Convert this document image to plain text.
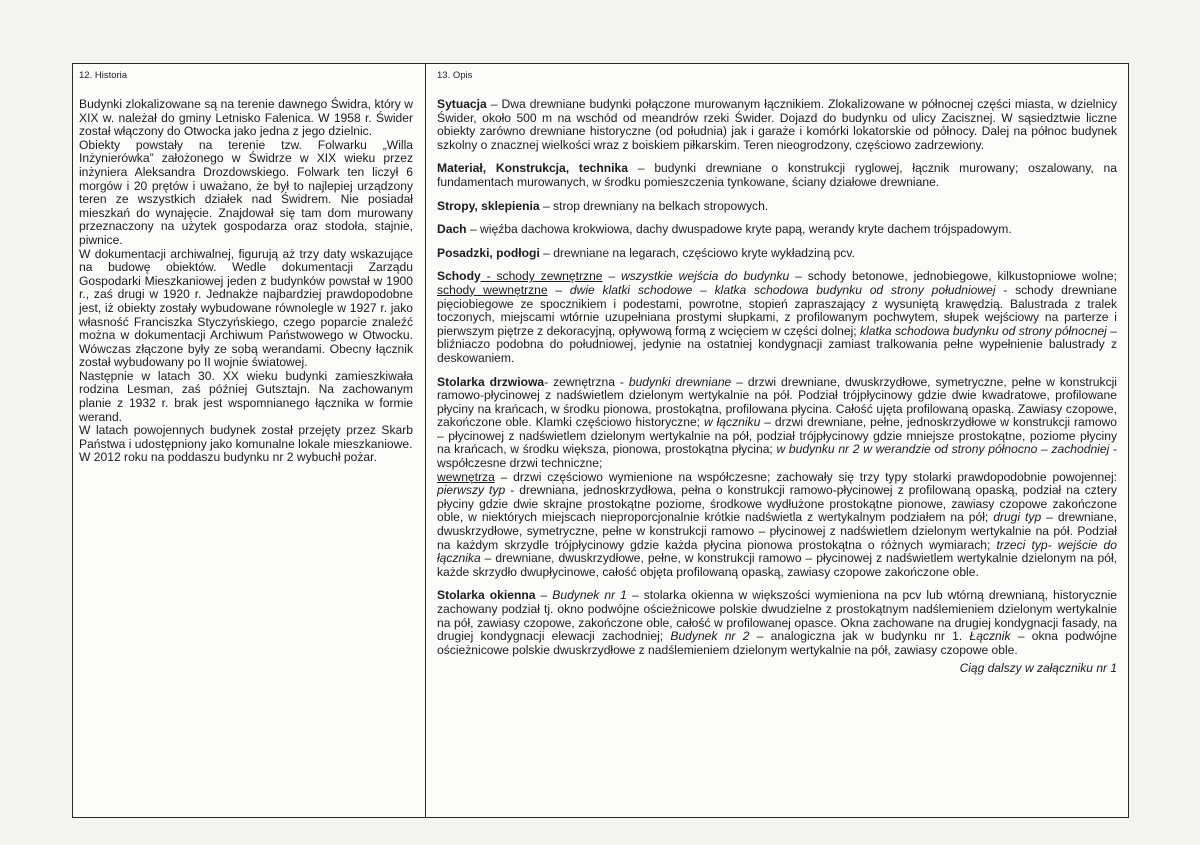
12. Historia

Budynki zlokalizowane są na terenie dawnego Świdra, który w XIX w. należał do gminy Letnisko Falenica. W 1958 r. Świder został włączony do Otwocka jako jedna z jego dzielnic.

Obiekty powstały na terenie tzw. Folwarku „Willa Inżynierówka” założonego w Świdrze w XIX wieku przez inżyniera Aleksandra Drozdowskiego. Folwark ten liczył 6 morgów i 20 prętów i uważano, że był to najlepiej urządzony teren ze wszystkich działek nad Świdrem. Nie posiadał mieszkań do wynajęcie. Znajdował się tam dom murowany przeznaczony na użytek gospodarza oraz stodoła, stajnie, piwnice.

W dokumentacji archiwalnej, figurują aż trzy daty wskazujące na budowę obiektów. Wedle dokumentacji Zarządu Gospodarki Mieszkaniowej jeden z budynków powstał w 1900 r., zaś drugi w 1920 r. Jednakże najbardziej prawdopodobne jest, iż obiekty zostały wybudowane równolegle w 1927 r. jako własność Franciszka Styczyńskiego, czego poparcie znaleźć można w dokumentacji Archiwum Państwowego w Otwocku. Wówczas złączone były ze sobą werandami. Obecny łącznik został wybudowany po II wojnie światowej.

Następnie w latach 30. XX wieku budynki zamieszkiwała rodzina Lesman, zaś później Gutsztajn. Na zachowanym planie z 1932 r. brak jest wspomnianego łącznika w formie werand.

W latach powojennych budynek został przejęty przez Skarb Państwa i udostępniony jako komunalne lokale mieszkaniowe.

W 2012 roku na poddaszu budynku nr 2 wybuchł pożar.

13. Opis

Sytuacja – Dwa drewniane budynki połączone murowanym łącznikiem. Zlokalizowane w północnej części miasta, w dzielnicy Świder, około 500 m na wschód od meandrów rzeki Świder. Dojazd do budynku od ulicy Zacisznej. W sąsiedztwie liczne obiekty zarówno drewniane historyczne (od południa) jak i garaże i komórki lokatorskie od północy. Dalej na północ budynek szkolny o znacznej wielkości wraz z boiskiem piłkarskim. Teren nieogrodzony, częściowo zadrzewiony.

Materiał, Konstrukcja, technika – budynki drewniane o konstrukcji ryglowej, łącznik murowany; oszalowany, na fundamentach murowanych, w środku pomieszczenia tynkowane, ściany działowe drewniane.

Stropy, sklepienia – strop drewniany na belkach stropowych.

Dach – więźba dachowa krokwiowa, dachy dwuspadowe kryte papą, werandy kryte dachem trójspadowym.

Posadzki, podłogi – drewniane na legarach, częściowo kryte wykładziną pcv.

Schody - schody zewnętrzne – wszystkie wejścia do budynku – schody betonowe, jednobiegowe, kilkustopniowe wolne; schody wewnętrzne – dwie klatki schodowe – klatka schodowa budynku od strony południowej - schody drewniane pięciobiegowe ze spocznikiem i podestami, powrotne, stopień zapraszający z wysuniętą krawędzią. Balustrada z tralek toczonych, miejscami wtórnie uzupełniana prostymi słupkami, z profilowanym pochwytem, słupek wejściowy na parterze i pierwszym piętrze z dekoracyjną, opływową formą z wcięciem w części dolnej; klatka schodowa budynku od strony północnej – bliźniaczo podobna do południowej, jedynie na ostatniej kondygnacji zamiast tralkowania pełne wypełnienie balustrady z deskowaniem.

Stolarka drzwiowa- zewnętrzna - budynki drewniane – drzwi drewniane, dwuskrzydłowe, symetryczne, pełne w konstrukcji ramowo-płycinowej z nadświetlem dzielonym wertykalnie na pół. Podział trójpłycinowy gdzie dwie kwadratowe, profilowane płyciny na krańcach, w środku pionowa, prostokątna, profilowana płycina. Całość ujęta profilowaną opaską. Zawiasy czopowe, zakończone oble. Klamki częściowo historyczne; w łączniku – drzwi drewniane, pełne, jednoskrzydłowe w konstrukcji ramowo – płycinowej z nadświetlem dzielonym wertykalnie na pół, podział trójpłycinowy gdzie mniejsze prostokątne, poziome płyciny na krańcach, w środku większa, pionowa, prostokątna płycina; w budynku nr 2 w werandzie od strony północno – zachodniej - współczesne drzwi techniczne;
wewnętrza – drzwi częściowo wymienione na współczesne; zachowały się trzy typy stolarki prawdopodobnie powojennej: pierwszy typ - drewniana, jednoskrzydłowa, pełna o konstrukcji ramowo-płycinowej z profilowaną opaską, podział na cztery płyciny gdzie dwie skrajne prostokątne poziome, środkowe wydłużone prostokątne pionowe, zawiasy czopowe zakończone oble, w niektórych miejscach nieproporcjonalnie krótkie nadświetla z wertykalnym podziałem na pół; drugi typ – drewniane, dwuskrzydłowe, symetryczne, pełne w konstrukcji ramowo – płycinowej z nadświetlem dzielonym wertykalnie na pół. Podział na każdym skrzydle trójpłycinowy gdzie każda płycina pionowa prostokątna o różnych wymiarach; trzeci typ- wejście do łącznika – drewniane, dwuskrzydłowe, pełne, w konstrukcji ramowo – płycinowej z nadświetlem wertykalnie dzielonym na pół, każde skrzydło dwupłycinowe, całość objęta profilowaną opaską, zawiasy czopowe zakończone oble.

Stolarka okienna – Budynek nr 1 – stolarka okienna w większości wymieniona na pcv lub wtórną drewnianą, historycznie zachowany podział tj. okno podwójne ościeżnicowe polskie dwudzielne z prostokątnym nadślemieniem dzielonym wertykalnie na pół, zawiasy czopowe, zakończone oble, całość w profilowanej opasce. Okna zachowane na drugiej kondygnacji fasady, na drugiej kondygnacji elewacji zachodniej; Budynek nr 2 – analogiczna jak w budynku nr 1. Łącznik – okna podwójne ościeżnicowe polskie dwuskrzydłowe z nadślemieniem dzielonym wertykalnie na pół, zawiasy czopowe oble.

Ciąg dalszy w załączniku nr 1
